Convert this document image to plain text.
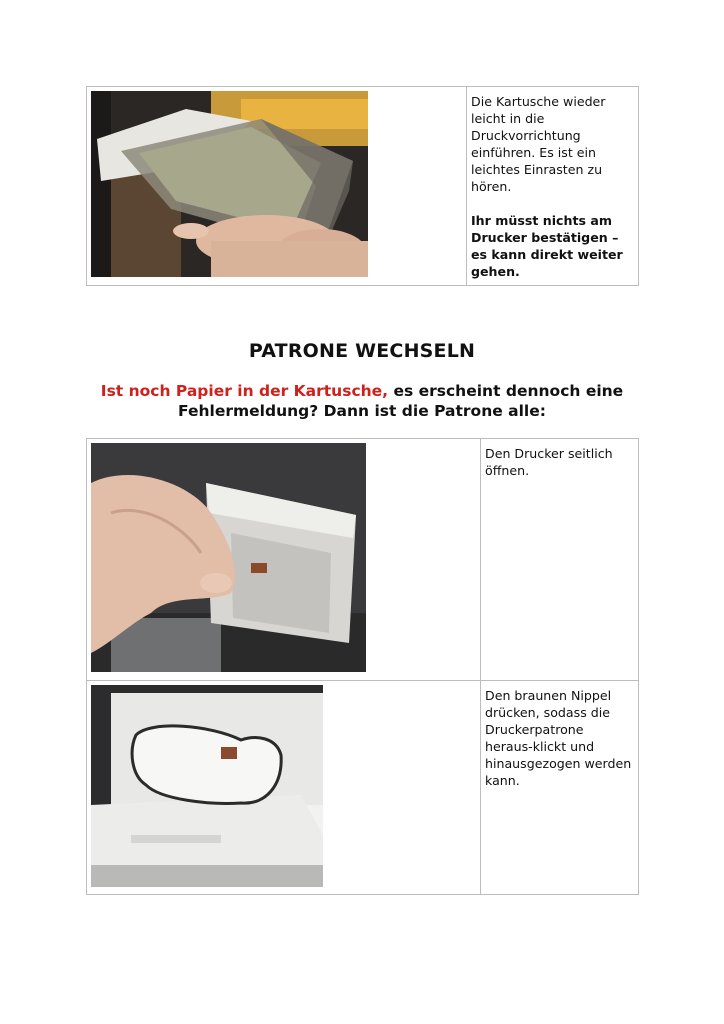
Die Kartusche wieder leicht in die Druckvorrichtung einführen. Es ist ein leichtes Einrasten zu hören.
Ihr müsst nichts am Drucker bestätigen – es kann direkt weiter gehen.
PATRONE WECHSELN
Ist noch Papier in der Kartusche, es erscheint dennoch eine
Fehlermeldung? Dann ist die Patrone alle:
Den Drucker seitlich öffnen.
Den braunen Nippel drücken, sodass die Druckerpatrone heraus-klickt und hinausgezogen werden kann.
